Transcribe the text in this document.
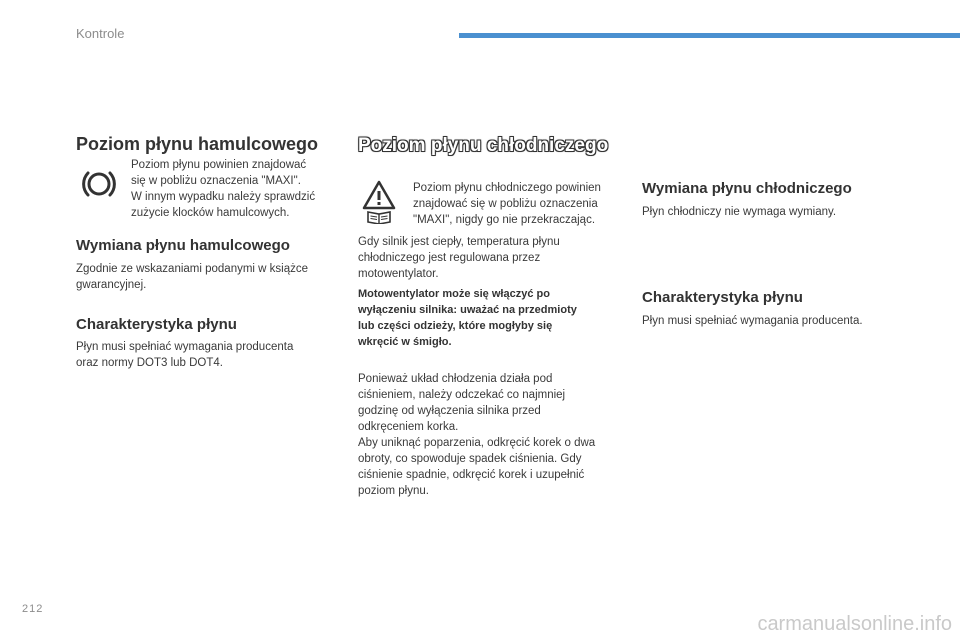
Kontrole
Poziom płynu hamulcowego
Poziom płynu powinien znajdować
się w pobliżu oznaczenia "MAXI".
W innym wypadku należy sprawdzić
zużycie klocków hamulcowych.
Wymiana płynu hamulcowego
Zgodnie ze wskazaniami podanymi w książce
gwarancyjnej.
Charakterystyka płynu
Płyn musi spełniać wymagania producenta
oraz normy DOT3 lub DOT4.
Poziom płynu chłodniczego
Poziom płynu chłodniczego powinien
znajdować się w pobliżu oznaczenia
"MAXI", nigdy go nie przekraczając.
Gdy silnik jest ciepły, temperatura płynu
chłodniczego jest regulowana przez
motowentylator.
Motowentylator może się włączyć po
wyłączeniu silnika: uważać na przedmioty
lub części odzieży, które mogłyby się
wkręcić w śmigło.
Ponieważ układ chłodzenia działa pod
ciśnieniem, należy odczekać co najmniej
godzinę od wyłączenia silnika przed
odkręceniem korka.
Aby uniknąć poparzenia, odkręcić korek o dwa
obroty, co spowoduje spadek ciśnienia. Gdy
ciśnienie spadnie, odkręcić korek i uzupełnić
poziom płynu.
Wymiana płynu chłodniczego
Płyn chłodniczy nie wymaga wymiany.
Charakterystyka płynu
Płyn musi spełniać wymagania producenta.
212
carmanualsonline.info
